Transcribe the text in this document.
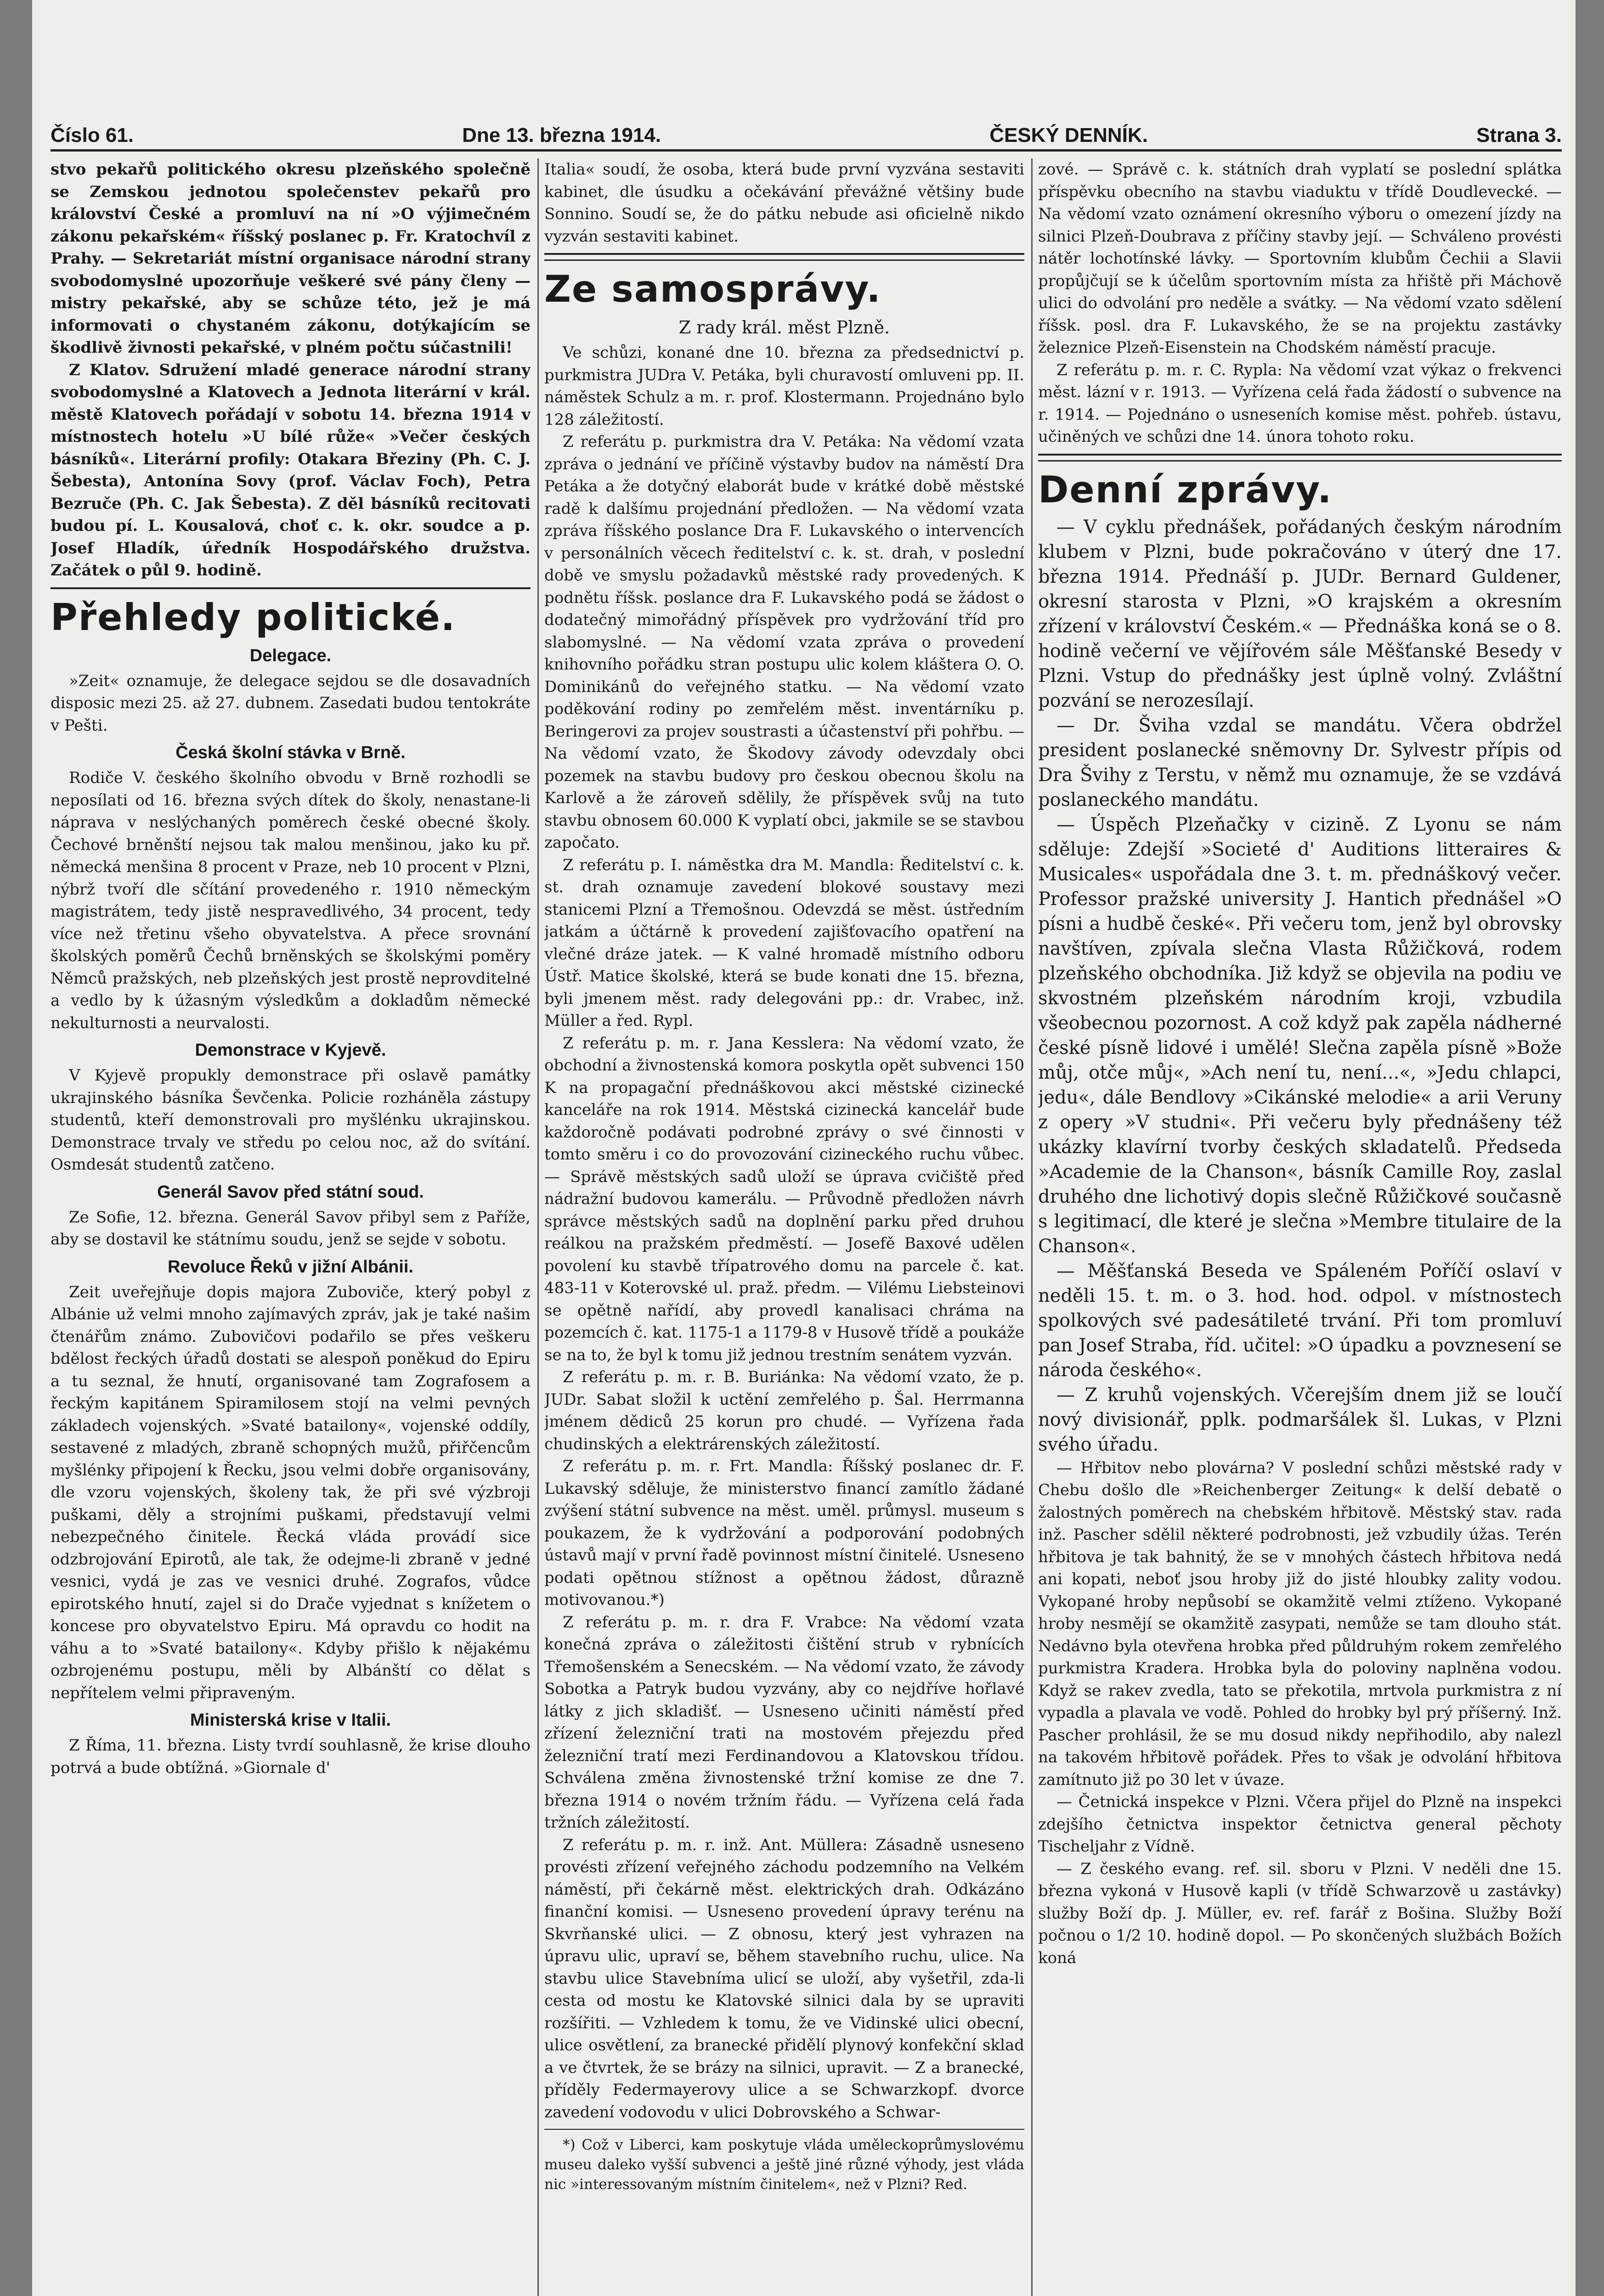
Číslo 61.	Dne 13. března 1914.	ČESKÝ DENNÍK.	Strana 3.

stvo pekařů politického okresu plzeňského společně se Zemskou jednotou společenstev pekařů pro království České a promluví na ní »O výjimečném zákonu pekařském« říšský poslanec p. Fr. Kratochvíl z Prahy. — Sekretariát místní organisace národní strany svobodomyslné upozorňuje veškeré své pány členy — mistry pekařské, aby se schůze této, jež je má informovati o chystaném zákonu, dotýkajícím se škodlivě živnosti pekařské, v plném počtu súčastnili!

Z Klatov. Sdružení mladé generace národní strany svobodomyslné a Klatovech a Jednota literární v král. městě Klatovech pořádají v sobotu 14. března 1914 v místnostech hotelu »U bílé růže« »Večer českých básníků«. Literární profily: Otakara Březiny (Ph. C. J. Šebesta), Antonína Sovy (prof. Václav Foch), Petra Bezruče (Ph. C. Jak Šebesta). Z děl básníků recitovati budou pí. L. Kousalová, choť c. k. okr. soudce a p. Josef Hladík, úředník Hospodářského družstva. Začátek o půl 9. hodině.

Přehledy politické.
Delegace.

»Zeit« oznamuje, že delegace sejdou se dle dosavadních disposic mezi 25. až 27. dubnem. Zasedati budou tentokráte v Pešti.

Česká školní stávka v Brně.

Rodiče V. českého školního obvodu v Brně rozhodli se neposílati od 16. března svých dítek do školy, nenastane-li náprava v neslýchaných poměrech české obecné školy. Čechové brněnští nejsou tak malou menšinou, jako ku př. německá menšina 8 procent v Praze, neb 10 procent v Plzni, nýbrž tvoří dle sčítání provedeného r. 1910 německým magistrátem, tedy jistě nespravedlivého, 34 procent, tedy více než třetinu všeho obyvatelstva. A přece srovnání školských poměrů Čechů brněnských se školskými poměry Němců pražských, neb plzeňských jest prostě neprovditelné a vedlo by k úžasným výsledkům a dokladům německé nekulturnosti a neurvalosti.

Demonstrace v Kyjevě.

V Kyjevě propukly demonstrace při oslavě památky ukrajinského básníka Ševčenka. Policie rozháněla zástupy studentů, kteří demonstrovali pro myšlénku ukrajinskou. Demonstrace trvaly ve středu po celou noc, až do svítání. Osmdesát studentů zatčeno.

Generál Savov před státní soud.

Ze Sofie, 12. března. Generál Savov přibyl sem z Paříže, aby se dostavil ke státnímu soudu, jenž se sejde v sobotu.

Revoluce Řeků v jižní Albánii.

Zeit uveřejňuje dopis majora Zuboviče, který pobyl z Albánie už velmi mnoho zajímavých zpráv, jak je také našim čtenářům známo. Zubovičovi podařilo se přes veškeru bdělost řeckých úřadů dostati se alespoň poněkud do Epiru a tu seznal, že hnutí, organisované tam Zografosem a řeckým kapitánem Spiramilosem stojí na velmi pevných základech vojenských. »Svaté batailony«, vojenské oddíly, sestavené z mladých, zbraně schopných mužů, přiřčencům myšlénky připojení k Řecku, jsou velmi dobře organisovány, dle vzoru vojenských, školeny tak, že při své výzbroji puškami, děly a strojními puškami, představují velmi nebezpečného činitele. Řecká vláda provádí sice odzbrojování Epirotů, ale tak, že odejme-li zbraně v jedné vesnici, vydá je zas ve vesnici druhé. Zografos, vůdce epirotského hnutí, zajel si do Drače vyjednat s knížetem o koncese pro obyvatelstvo Epiru. Má opravdu co hodit na váhu a to »Svaté batailony«. Kdyby přišlo k nějakému ozbrojenému postupu, měli by Albánští co dělat s nepřítelem velmi připraveným.

Ministerská krise v Italii.

Z Říma, 11. března. Listy tvrdí souhlasně, že krise dlouho potrvá a bude obtížná. »Giornale d'

Italia« soudí, že osoba, která bude první vyzvána sestaviti kabinet, dle úsudku a očekávání převážné většiny bude Sonnino. Soudí se, že do pátku nebude asi oficielně nikdo vyzván sestaviti kabinet.

Ze samosprávy.
Z rady král. měst Plzně.

Ve schůzi, konané dne 10. března za předsednictví p. purkmistra JUDra V. Petáka, byli churavostí omluveni pp. II. náměstek Schulz a m. r. prof. Klostermann. Projednáno bylo 128 záležitostí.

Z referátu p. purkmistra dra V. Petáka: Na vědomí vzata zpráva o jednání ve příčině výstavby budov na náměstí Dra Petáka a že dotyčný elaborát bude v krátké době městské radě k dalšímu projednání předložen. — Na vědomí vzata zpráva říšského poslance Dra F. Lukavského o intervencích v personálních věcech ředitelství c. k. st. drah, v poslední době ve smyslu požadavků městské rady provedených. K podnětu říšsk. poslance dra F. Lukavského podá se žádost o dodatečný mimořádný příspěvek pro vydržování tříd pro slabomyslné. — Na vědomí vzata zpráva o provedení knihovního pořádku stran postupu ulic kolem kláštera O. O. Dominikánů do veřejného statku. — Na vědomí vzato poděkování rodiny po zemřelém měst. inventárníku p. Beringerovi za projev soustrasti a účastenství při pohřbu. — Na vědomí vzato, že Škodovy závody odevzdaly obci pozemek na stavbu budovy pro českou obecnou školu na Karlově a že zároveň sdělily, že příspěvek svůj na tuto stavbu obnosem 60.000 K vyplatí obci, jakmile se se stavbou započato.

Z referátu p. I. náměstka dra M. Mandla: Ředitelství c. k. st. drah oznamuje zavedení blokové soustavy mezi stanicemi Plzní a Třemošnou. Odevzdá se měst. ústředním jatkám a účtárně k provedení zajišťovacího opatření na vlečné dráze jatek. — K valné hromadě místního odboru Ústř. Matice školské, která se bude konati dne 15. března, byli jmenem měst. rady delegováni pp.: dr. Vrabec, inž. Müller a řed. Rypl.

Z referátu p. m. r. Jana Kesslera: Na vědomí vzato, že obchodní a živnostenská komora poskytla opět subvenci 150 K na propagační přednáškovou akci městské cizinecké kanceláře na rok 1914. Městská cizinecká kancelář bude každoročně podávati podrobné zprávy o své činnosti v tomto směru i co do provozování cizineckého ruchu vůbec. — Správě městských sadů uloží se úprava cvičiště před nádražní budovou kamerálu. — Průvodně předložen návrh správce městských sadů na doplnění parku před druhou reálkou na pražském předměstí. — Josefě Baxové udělen povolení ku stavbě třípatrového domu na parcele č. kat. 483-11 v Koterovské ul. praž. předm. — Vilému Liebsteinovi se opětně nařídí, aby provedl kanalisaci chráma na pozemcích č. kat. 1175-1 a 1179-8 v Husově třídě a poukáže se na to, že byl k tomu již jednou trestním senátem vyzván.

Z referátu p. m. r. B. Buriánka: Na vědomí vzato, že p. JUDr. Sabat složil k uctění zemřelého p. Šal. Herrmanna jménem dědiců 25 korun pro chudé. — Vyřízena řada chudinských a elektrárenských záležitostí.

Z referátu p. m. r. Frt. Mandla: Říšský poslanec dr. F. Lukavský sděluje, že ministerstvo financí zamítlo žádané zvýšení státní subvence na měst. uměl. průmysl. museum s poukazem, že k vydržování a podporování podobných ústavů mají v první řadě povinnost místní činitelé. Usneseno podati opětnou stížnost a opětnou žádost, důrazně motivovanou.*)

Z referátu p. m. r. dra F. Vrabce: Na vědomí vzata konečná zpráva o záležitosti čištění strub v rybnících Třemošenském a Senecském. — Na vědomí vzato, že závody Sobotka a Patryk budou vyzvány, aby co nejdříve hořlavé látky z jich skladišť. — Usneseno učiniti náměstí před zřízení železniční trati na mostovém přejezdu před železniční tratí mezi Ferdinandovou a Klatovskou třídou. Schválena změna živnostenské tržní komise ze dne 7. března 1914 o novém tržním řádu. — Vyřízena celá řada tržních záležitostí.

Z referátu p. m. r. inž. Ant. Müllera: Zásadně usneseno provésti zřízení veřejného záchodu podzemního na Velkém náměstí, při čekárně měst. elektrických drah. Odkázáno finanční komisi. — Usneseno provedení úpravy terénu na Skvrňanské ulici. — Z obnosu, který jest vyhrazen na úpravu ulic, upraví se, během stavebního ruchu, ulice. Na stavbu ulice Stavebníma ulicí se uloží, aby vyšetřil, zda-li cesta od mostu ke Klatovské silnici dala by se upraviti rozšířiti. — Vzhledem k tomu, že ve Vidinské ulici obecní, ulice osvětlení, za branecké přidělí plynový konfekční sklad a ve čtvrtek, že se brázy na silnici, upravit. — Z a branecké, příděly Federmayerovy ulice a se Schwarzkopf. dvorce zavedení vodovodu v ulici Dobrovského a Schwar-

*) Což v Liberci, kam poskytuje vláda uměleckoprůmyslovému museu daleko vyšší subvenci a ještě jiné různé výhody, jest vláda nic »interessovaným místním činitelem«, než v Plzni? Red.

zové. — Správě c. k. státních drah vyplatí se poslední splátka příspěvku obecního na stavbu viaduktu v třídě Doudlevecké. — Na vědomí vzato oznámení okresního výboru o omezení jízdy na silnici Plzeň-Doubrava z příčiny stavby její. — Schváleno provésti nátěr lochotínské lávky. — Sportovním klubům Čechii a Slavii propůjčují se k účelům sportovním místa za hřiště při Máchově ulici do odvolání pro neděle a svátky. — Na vědomí vzato sdělení říšsk. posl. dra F. Lukavského, že se na projektu zastávky železnice Plzeň-Eisenstein na Chodském náměstí pracuje.

Z referátu p. m. r. C. Rypla: Na vědomí vzat výkaz o frekvenci měst. lázní v r. 1913. — Vyřízena celá řada žádostí o subvence na r. 1914. — Pojednáno o usneseních komise měst. pohřeb. ústavu, učiněných ve schůzi dne 14. února tohoto roku.

Denní zprávy.

— V cyklu přednášek, pořádaných českým národním klubem v Plzni, bude pokračováno v úterý dne 17. března 1914. Přednáší p. JUDr. Bernard Guldener, okresní starosta v Plzni, »O krajském a okresním zřízení v království Českém.« — Přednáška koná se o 8. hodině večerní ve vějířovém sále Měšťanské Besedy v Plzni. Vstup do přednášky jest úplně volný. Zvláštní pozvání se nerozesílají.

— Dr. Šviha vzdal se mandátu. Včera obdržel president poslanecké sněmovny Dr. Sylvestr přípis od Dra Švihy z Terstu, v němž mu oznamuje, že se vzdává poslaneckého mandátu.

— Úspěch Plzeňačky v cizině. Z Lyonu se nám sděluje: Zdejší »Societé d' Auditions litteraires & Musicales« uspořádala dne 3. t. m. přednáškový večer. Professor pražské university J. Hantich přednášel »O písni a hudbě české«. Při večeru tom, jenž byl obrovsky navštíven, zpívala slečna Vlasta Růžičková, rodem plzeňského obchodníka. Již když se objevila na podiu ve skvostném plzeňském národním kroji, vzbudila všeobecnou pozornost. A což když pak zapěla nádherné české písně lidové i umělé! Slečna zapěla písně »Bože můj, otče můj«, »Ach není tu, není...«, »Jedu chlapci, jedu«, dále Bendlovy »Cikánské melodie« a arii Veruny z opery »V studni«. Při večeru byly přednášeny též ukázky klavírní tvorby českých skladatelů. Předseda »Academie de la Chanson«, básník Camille Roy, zaslal druhého dne lichotivý dopis slečně Růžičkové současně s legitimací, dle které je slečna »Membre titulaire de la Chanson«.

— Měšťanská Beseda ve Spáleném Poříčí oslaví v neděli 15. t. m. o 3. hod. hod. odpol. v místnostech spolkových své padesátileté trvání. Při tom promluví pan Josef Straba, říd. učitel: »O úpadku a povznesení se národa českého«.

— Z kruhů vojenských. Včerejším dnem již se loučí nový divisionář, pplk. podmaršálek šl. Lukas, v Plzni svého úřadu.

— Hřbitov nebo plovárna? V poslední schůzi městské rady v Chebu došlo dle »Reichenberger Zeitung« k delší debatě o žalostných poměrech na chebském hřbitově. Městský stav. rada inž. Pascher sdělil některé podrobnosti, jež vzbudily úžas. Terén hřbitova je tak bahnitý, že se v mnohých částech hřbitova nedá ani kopati, neboť jsou hroby již do jisté hloubky zality vodou. Vykopané hroby nepůsobí se okamžitě velmi ztíženo. Vykopané hroby nesmějí se okamžitě zasypati, nemůže se tam dlouho stát. Nedávno byla otevřena hrobka před půldruhým rokem zemřelého purkmistra Kradera. Hrobka byla do poloviny naplněna vodou. Když se rakev zvedla, tato se překotila, mrtvola purkmistra z ní vypadla a plavala ve vodě. Pohled do hrobky byl prý příšerný. Inž. Pascher prohlásil, že se mu dosud nikdy nepřihodilo, aby nalezl na takovém hřbitově pořádek. Přes to však je odvolání hřbitova zamítnuto již po 30 let v úvaze.

— Četnická inspekce v Plzni. Včera přijel do Plzně na inspekci zdejšího četnictva inspektor četnictva general pěchoty Tischeljahr z Vídně.

— Z českého evang. ref. sil. sboru v Plzni. V neděli dne 15. března vykoná v Husově kapli (v třídě Schwarzově u zastávky) služby Boží dp. J. Müller, ev. ref. farář z Bošina. Služby Boží počnou o 1/2 10. hodině dopol. — Po skončených službách Božích koná
